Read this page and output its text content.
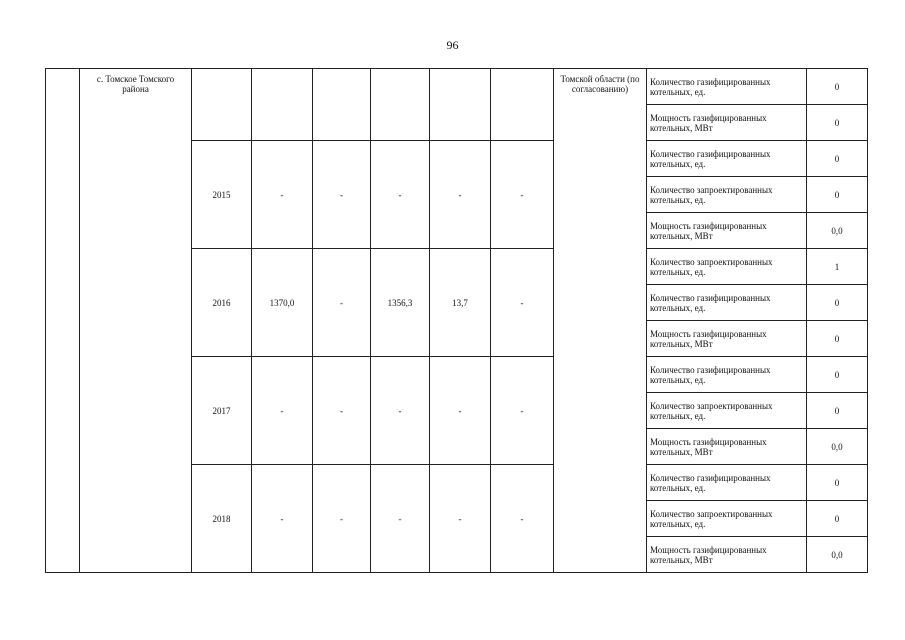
96
	с. Томское Томского района							Томской области (по согласованию)	Количество газифицированных котельных, ед.	0
									Мощность газифицированных котельных, МВт	0
		2015	-	-	-	-	-		Количество газифицированных котельных, ед.	0
									Количество запроектированных котельных, ед.	0
									Мощность газифицированных котельных, МВт	0,0
		2016	1370,0	-	1356,3	13,7	-		Количество запроектированных котельных, ед.	1
									Количество газифицированных котельных, ед.	0
									Мощность газифицированных котельных, МВт	0
		2017	-	-	-	-	-		Количество газифицированных котельных, ед.	0
									Количество запроектированных котельных, ед.	0
									Мощность газифицированных котельных, МВт	0,0
		2018	-	-	-	-	-		Количество газифицированных котельных, ед.	0
									Количество запроектированных котельных, ед.	0
									Мощность газифицированных котельных, МВт	0,0
